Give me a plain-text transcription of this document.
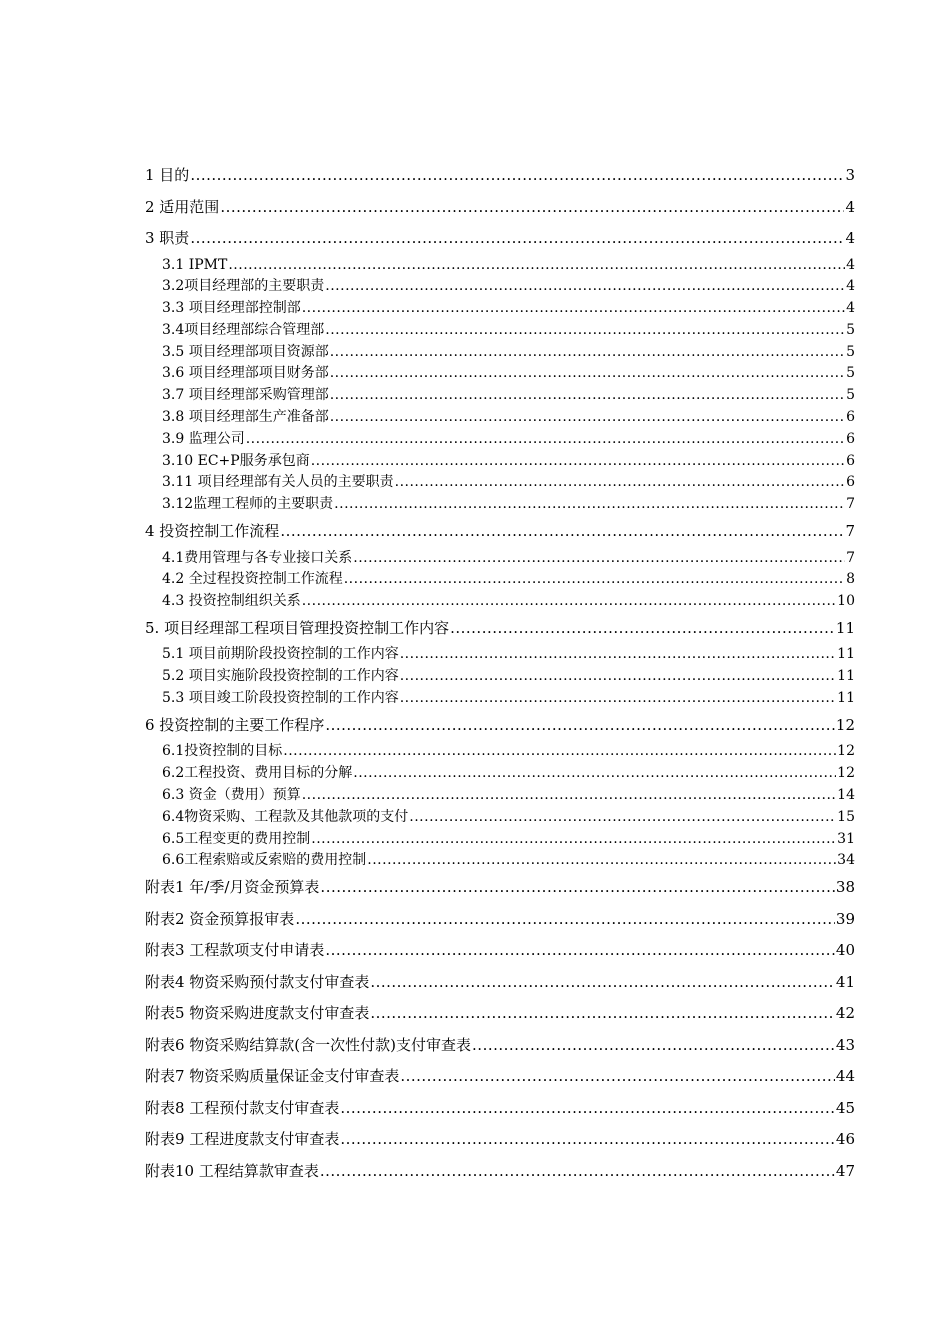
1 目的 .....	3
2 适用范围 .....	4
3 职责 .....	4
3.1 IPMT .....	4
3.2项目经理部的主要职责 .....	4
3.3 项目经理部控制部 .....	4
3.4项目经理部综合管理部 .....	5
3.5 项目经理部项目资源部 .....	5
3.6 项目经理部项目财务部 .....	5
3.7 项目经理部采购管理部 .....	5
3.8 项目经理部生产准备部 .....	6
3.9 监理公司 .....	6
3.10 EC+P服务承包商 .....	6
3.11 项目经理部有关人员的主要职责 .....	6
3.12监理工程师的主要职责 .....	7
4 投资控制工作流程 .....	7
4.1费用管理与各专业接口关系 .....	7
4.2 全过程投资控制工作流程 .....	8
4.3 投资控制组织关系 .....	10
5. 项目经理部工程项目管理投资控制工作内容 .....	11
5.1 项目前期阶段投资控制的工作内容 .....	11
5.2 项目实施阶段投资控制的工作内容 .....	11
5.3 项目竣工阶段投资控制的工作内容 .....	11
6 投资控制的主要工作程序 .....	12
6.1投资控制的目标 .....	12
6.2工程投资、费用目标的分解 .....	12
6.3 资金（费用）预算 .....	14
6.4物资采购、工程款及其他款项的支付 .....	15
6.5工程变更的费用控制 .....	31
6.6工程索赔或反索赔的费用控制 .....	34
附表1 年/季/月资金预算表 .....	38
附表2 资金预算报审表 .....	39
附表3 工程款项支付申请表 .....	40
附表4 物资采购预付款支付审查表 .....	41
附表5 物资采购进度款支付审查表 .....	42
附表6 物资采购结算款(含一次性付款)支付审查表 .....	43
附表7 物资采购质量保证金支付审查表 .....	44
附表8 工程预付款支付审查表 .....	45
附表9 工程进度款支付审查表 .....	46
附表10 工程结算款审查表 .....	47
